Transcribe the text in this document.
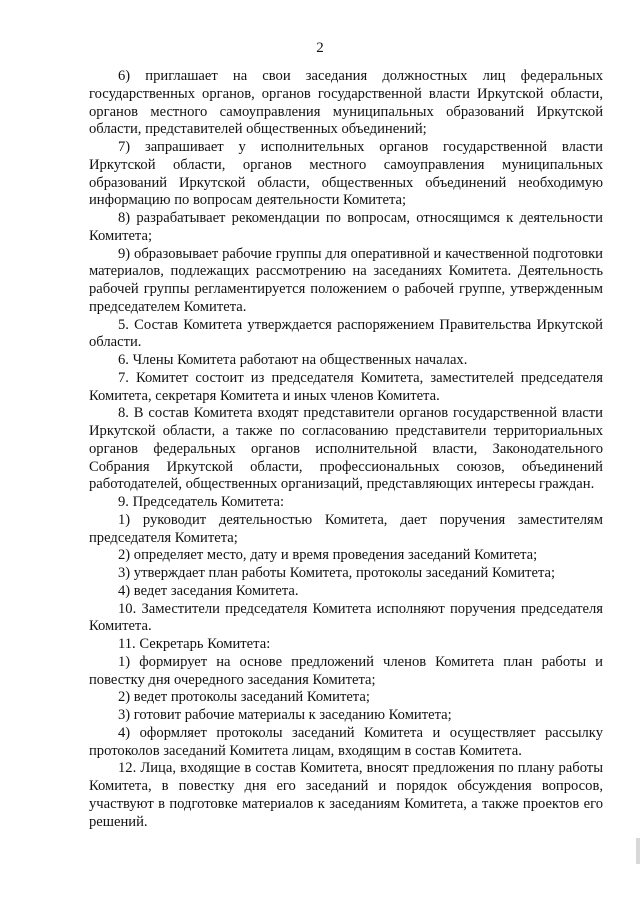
2

6) приглашает на свои заседания должностных лиц федеральных государственных органов, органов государственной власти Иркутской области, органов местного самоуправления муниципальных образований Иркутской области, представителей общественных объединений;

7) запрашивает у исполнительных органов государственной власти Иркутской области, органов местного самоуправления муниципальных образований Иркутской области, общественных объединений необходимую информацию по вопросам деятельности Комитета;

8) разрабатывает рекомендации по вопросам, относящимся к деятельности Комитета;

9) образовывает рабочие группы для оперативной и качественной подготовки материалов, подлежащих рассмотрению на заседаниях Комитета. Деятельность рабочей группы регламентируется положением о рабочей группе, утвержденным председателем Комитета.

5. Состав Комитета утверждается распоряжением Правительства Иркутской области.

6. Члены Комитета работают на общественных началах.

7. Комитет состоит из председателя Комитета, заместителей председателя Комитета, секретаря Комитета и иных членов Комитета.

8. В состав Комитета входят представители органов государственной власти Иркутской области, а также по согласованию представители территориальных органов федеральных органов исполнительной власти, Законодательного Собрания Иркутской области, профессиональных союзов, объединений работодателей, общественных организаций, представляющих интересы граждан.

9. Председатель Комитета:

1) руководит деятельностью Комитета, дает поручения заместителям председателя Комитета;

2) определяет место, дату и время проведения заседаний Комитета;

3) утверждает план работы Комитета, протоколы заседаний Комитета;

4) ведет заседания Комитета.

10. Заместители председателя Комитета исполняют поручения председателя Комитета.

11. Секретарь Комитета:

1) формирует на основе предложений членов Комитета план работы и повестку дня очередного заседания Комитета;

2) ведет протоколы заседаний Комитета;

3) готовит рабочие материалы к заседанию Комитета;

4) оформляет протоколы заседаний Комитета и осуществляет рассылку протоколов заседаний Комитета лицам, входящим в состав Комитета.

12. Лица, входящие в состав Комитета, вносят предложения по плану работы Комитета, в повестку дня его заседаний и порядок обсуждения вопросов, участвуют в подготовке материалов к заседаниям Комитета, а также проектов его решений.
